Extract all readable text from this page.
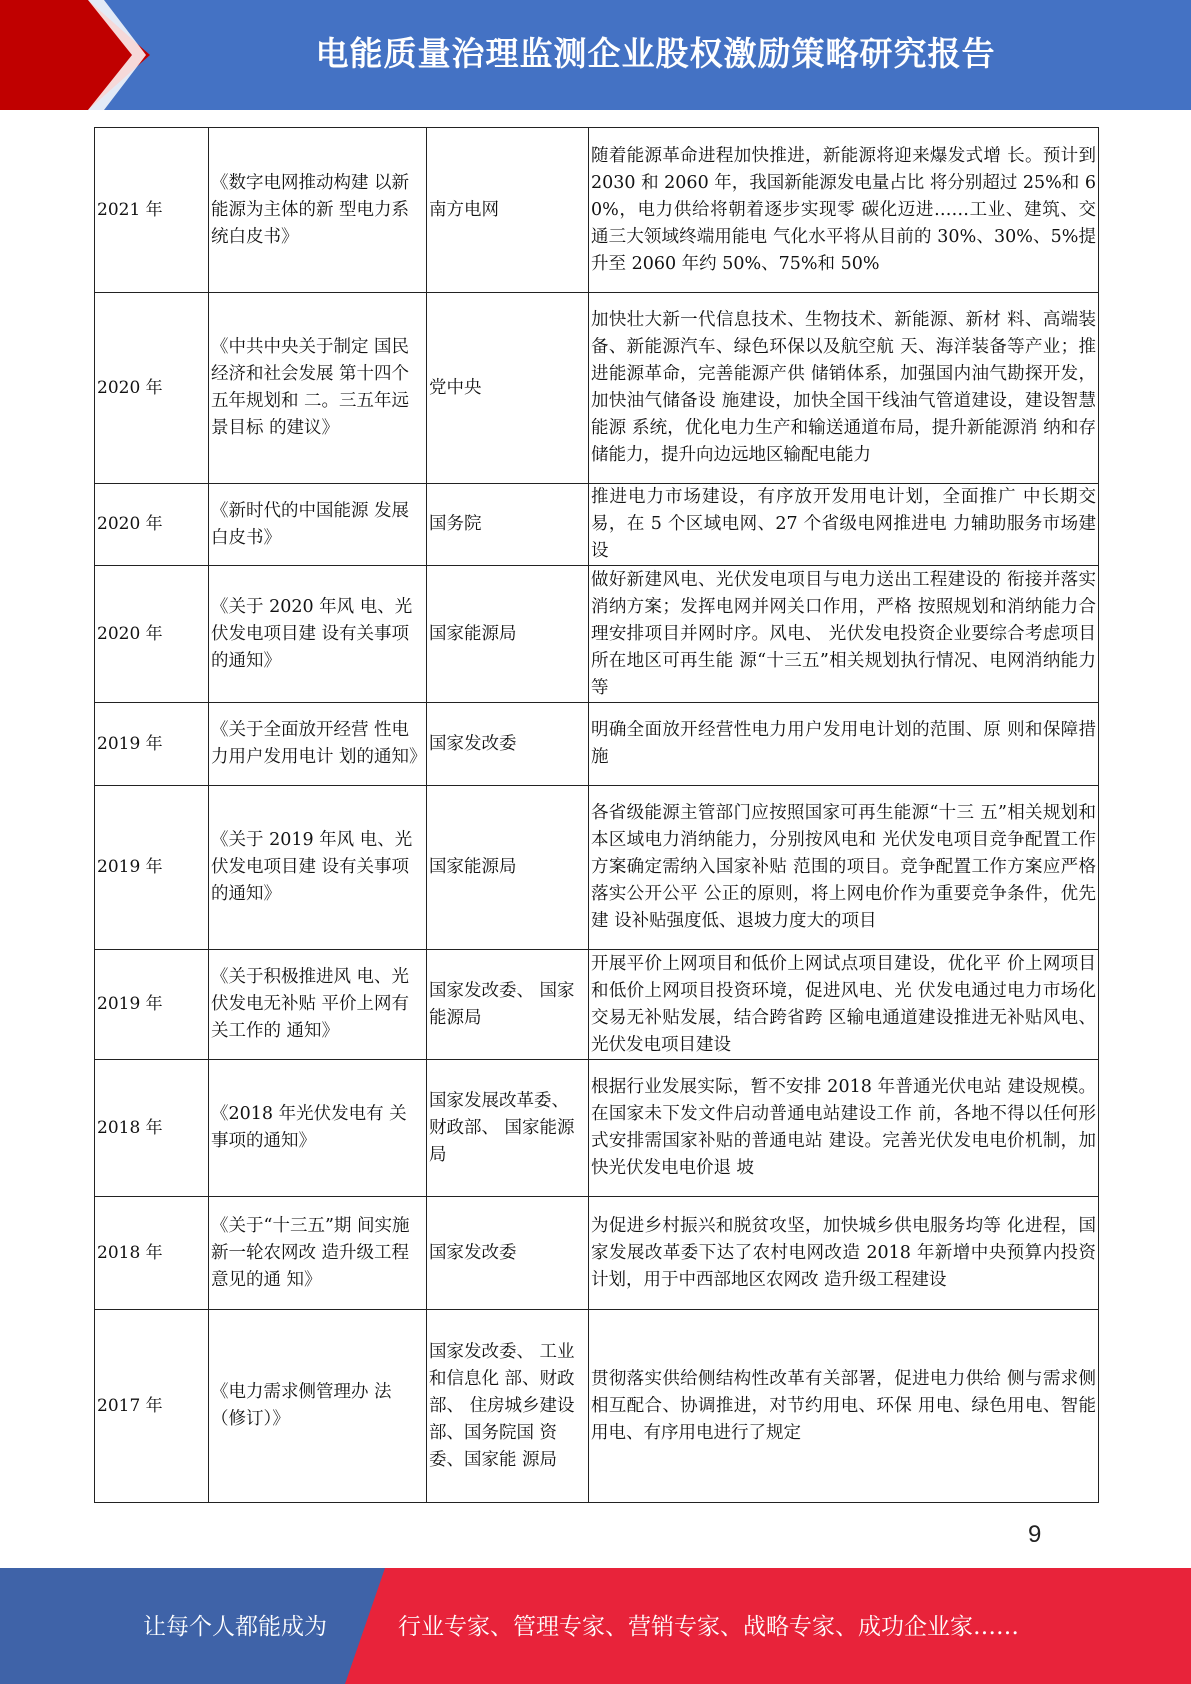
电能质量治理监测企业股权激励策略研究报告
2021 年	《数字电网推动构建 以新能源为主体的新 型电力系统白皮书》	南方电网	随着能源革命进程加快推进，新能源将迎来爆发式增 长。预计到 2030 和 2060 年，我国新能源发电量占比 将分别超过 25%和 60%，电力供给将朝着逐步实现零 碳化迈进……工业、建筑、交通三大领域终端用能电 气化水平将从目前的 30%、30%、5%提升至 2060 年约 50%、75%和 50%
2020 年	《中共中央关于制定 国民经济和社会发展 第十四个五年规划和 二。三五年远景目标 的建议》	党中央	加快壮大新一代信息技术、生物技术、新能源、新材 料、高端装备、新能源汽车、绿色环保以及航空航 天、海洋装备等产业；推进能源革命，完善能源产供 储销体系，加强国内油气勘探开发，加快油气储备设 施建设，加快全国干线油气管道建设，建设智慧能源 系统，优化电力生产和输送通道布局，提升新能源消 纳和存储能力，提升向边远地区输配电能力
2020 年	《新时代的中国能源 发展白皮书》	国务院	推进电力市场建设，有序放开发用电计划，全面推广 中长期交易，在 5 个区域电网、27 个省级电网推进电 力辅助服务市场建设
2020 年	《关于 2020 年风 电、光伏发电项目建 设有关事项的通知》	国家能源局	做好新建风电、光伏发电项目与电力送出工程建设的 衔接并落实消纳方案；发挥电网并网关口作用，严格 按照规划和消纳能力合理安排项目并网时序。风电、 光伏发电投资企业要综合考虑项目所在地区可再生能 源“十三五”相关规划执行情况、电网消纳能力等
2019 年	《关于全面放开经营 性电力用户发用电计 划的通知》	国家发改委	明确全面放开经营性电力用户发用电计划的范围、原 则和保障措施
2019 年	《关于 2019 年风 电、光伏发电项目建 设有关事项的通知》	国家能源局	各省级能源主管部门应按照国家可再生能源“十三 五”相关规划和本区域电力消纳能力，分别按风电和 光伏发电项目竞争配置工作方案确定需纳入国家补贴 范围的项目。竞争配置工作方案应严格落实公开公平 公正的原则，将上网电价作为重要竞争条件，优先建 设补贴强度低、退坡力度大的项目
2019 年	《关于积极推进风 电、光伏发电无补贴 平价上网有关工作的 通知》	国家发改委、 国家能源局	开展平价上网项目和低价上网试点项目建设，优化平 价上网项目和低价上网项目投资环境，促进风电、光 伏发电通过电力市场化交易无补贴发展，结合跨省跨 区输电通道建设推进无补贴风电、光伏发电项目建设
2018 年	《2018 年光伏发电有 关事项的通知》	国家发展改革委、财政部、 国家能源局	根据行业发展实际，暂不安排 2018 年普通光伏电站 建设规模。在国家未下发文件启动普通电站建设工作 前，各地不得以任何形式安排需国家补贴的普通电站 建设。完善光伏发电电价机制，加快光伏发电电价退 坡
2018 年	《关于“十三五”期 间实施新一轮农网改 造升级工程意见的通 知》	国家发改委	为促进乡村振兴和脱贫攻坚，加快城乡供电服务均等 化进程，国家发展改革委下达了农村电网改造 2018 年新增中央预算内投资计划，用于中西部地区农网改 造升级工程建设
2017 年	《电力需求侧管理办 法（修订）》	国家发改委、 工业和信息化 部、财政部、 住房城乡建设 部、国务院国 资委、国家能 源局	贯彻落实供给侧结构性改革有关部署，促进电力供给 侧与需求侧相互配合、协调推进，对节约用电、环保 用电、绿色用电、智能用电、有序用电进行了规定
9
让每个人都能成为	行业专家、管理专家、营销专家、战略专家、成功企业家……
